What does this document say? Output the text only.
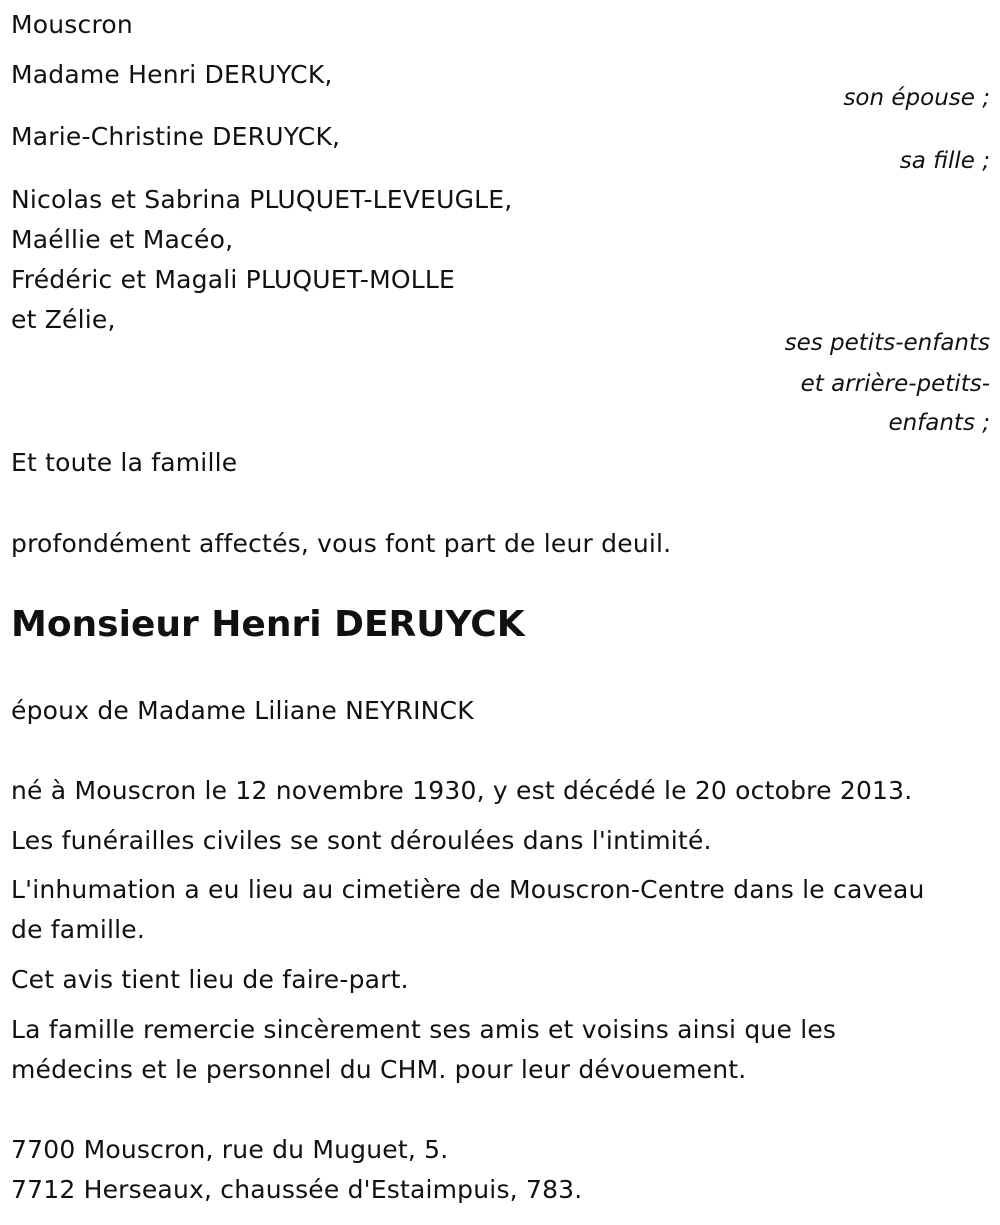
Mouscron
Madame Henri DERUYCK,
son épouse ;
Marie-Christine DERUYCK,
sa fille ;
Nicolas et Sabrina PLUQUET-LEVEUGLE,
Maéllie et Macéo,
Frédéric et Magali PLUQUET-MOLLE
et Zélie,
ses petits-enfants
et arrière-petits-
enfants ;
Et toute la famille
profondément affectés, vous font part de leur deuil.
Monsieur Henri DERUYCK
époux de Madame Liliane NEYRINCK
né à Mouscron le 12 novembre 1930, y est décédé le 20 octobre 2013.
Les funérailles civiles se sont déroulées dans l'intimité.
L'inhumation a eu lieu au cimetière de Mouscron-Centre dans le caveau
de famille.
Cet avis tient lieu de faire-part.
La famille remercie sincèrement ses amis et voisins ainsi que les
médecins et le personnel du CHM. pour leur dévouement.
7700 Mouscron, rue du Muguet, 5.
7712 Herseaux, chaussée d'Estaimpuis, 783.
